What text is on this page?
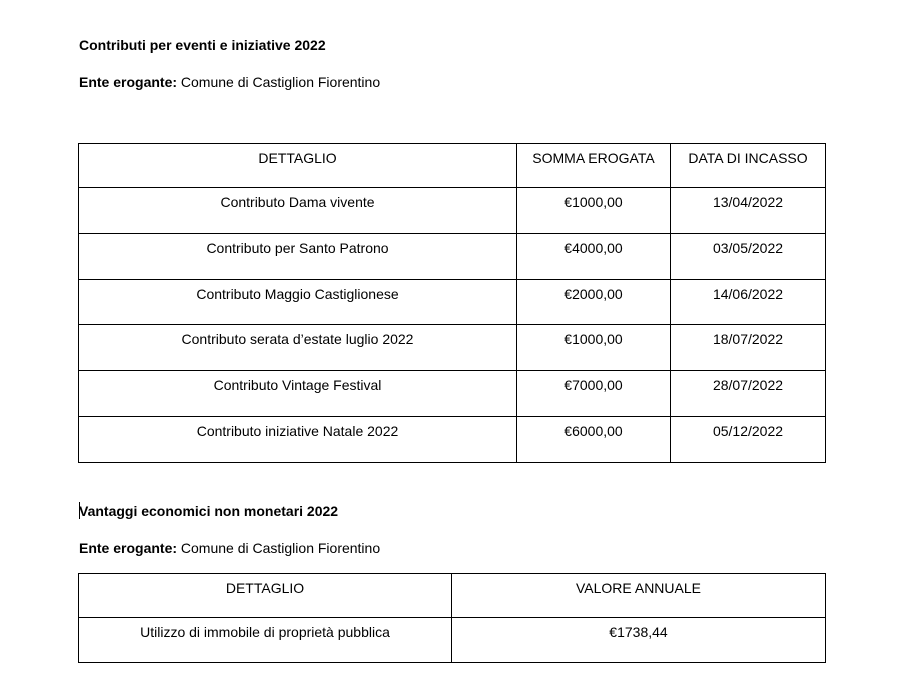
Contributi per eventi e iniziative 2022
Ente erogante: Comune di Castiglion Fiorentino
DETTAGLIO	SOMMA EROGATA	DATA DI INCASSO
Contributo Dama vivente	€1000,00	13/04/2022
Contributo per Santo Patrono	€4000,00	03/05/2022
Contributo Maggio Castiglionese	€2000,00	14/06/2022
Contributo serata d’estate luglio 2022	€1000,00	18/07/2022
Contributo Vintage Festival	€7000,00	28/07/2022
Contributo iniziative Natale 2022	€6000,00	05/12/2022
Vantaggi economici non monetari 2022
Ente erogante: Comune di Castiglion Fiorentino
DETTAGLIO	VALORE ANNUALE
Utilizzo di immobile di proprietà pubblica	€1738,44
